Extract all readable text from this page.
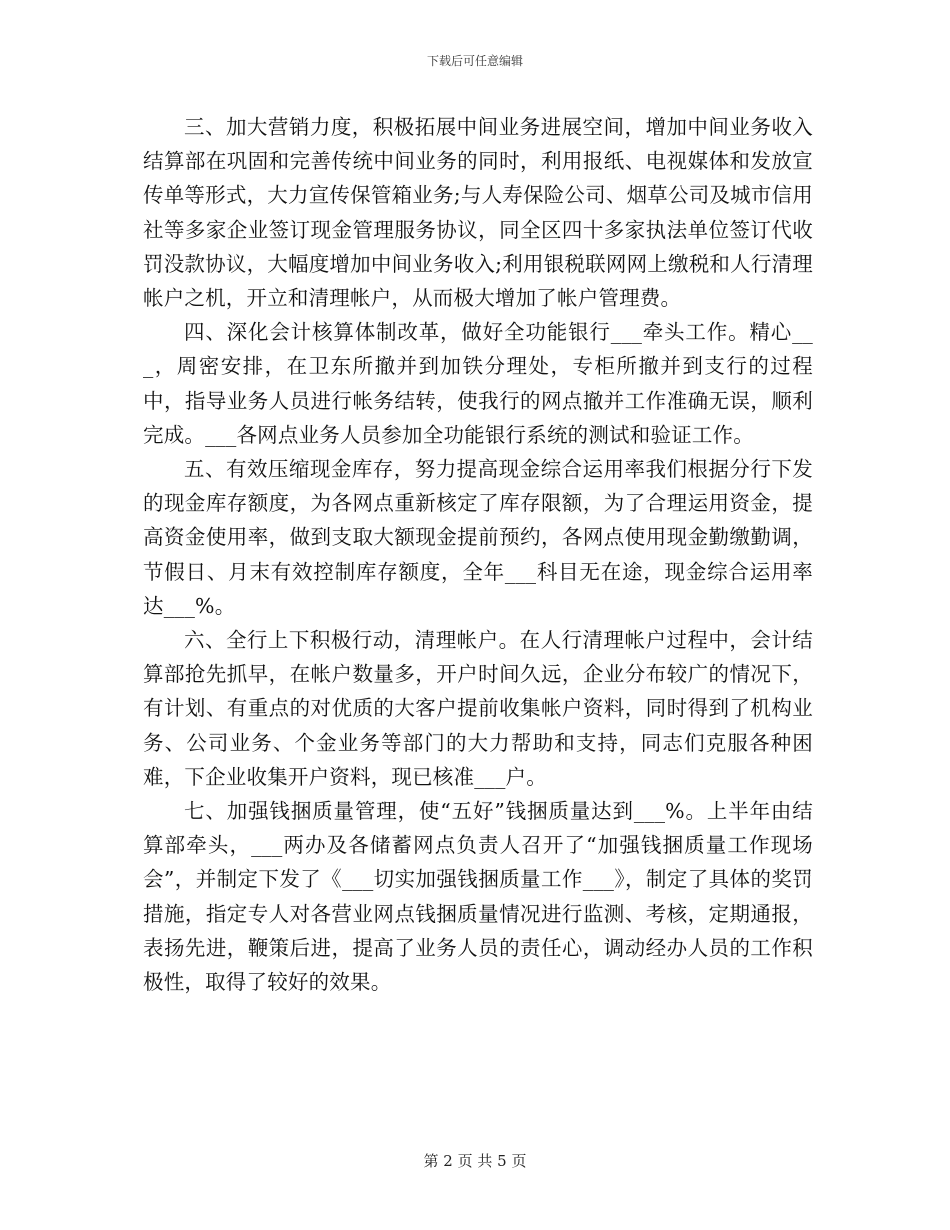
下载后可任意编辑

三、加大营销力度，积极拓展中间业务进展空间，增加中间业务收入结算部在巩固和完善传统中间业务的同时，利用报纸、电视媒体和发放宣传单等形式，大力宣传保管箱业务;与人寿保险公司、烟草公司及城市信用社等多家企业签订现金管理服务协议，同全区四十多家执法单位签订代收罚没款协议，大幅度增加中间业务收入;利用银税联网网上缴税和人行清理帐户之机，开立和清理帐户，从而极大增加了帐户管理费。

四、深化会计核算体制改革，做好全功能银行___牵头工作。精心___，周密安排，在卫东所撤并到加铁分理处，专柜所撤并到支行的过程中，指导业务人员进行帐务结转，使我行的网点撤并工作准确无误，顺利完成。___各网点业务人员参加全功能银行系统的测试和验证工作。

五、有效压缩现金库存，努力提高现金综合运用率我们根据分行下发的现金库存额度，为各网点重新核定了库存限额，为了合理运用资金，提高资金使用率，做到支取大额现金提前预约，各网点使用现金勤缴勤调，节假日、月末有效控制库存额度，全年___科目无在途，现金综合运用率达___%。

六、全行上下积极行动，清理帐户。在人行清理帐户过程中，会计结算部抢先抓早，在帐户数量多，开户时间久远，企业分布较广的情况下，有计划、有重点的对优质的大客户提前收集帐户资料，同时得到了机构业务、公司业务、个金业务等部门的大力帮助和支持，同志们克服各种困难，下企业收集开户资料，现已核准___户。

七、加强钱捆质量管理，使“五好”钱捆质量达到___%。上半年由结算部牵头，___两办及各储蓄网点负责人召开了“加强钱捆质量工作现场会”，并制定下发了《___切实加强钱捆质量工作___》，制定了具体的奖罚措施，指定专人对各营业网点钱捆质量情况进行监测、考核，定期通报，表扬先进，鞭策后进，提高了业务人员的责任心，调动经办人员的工作积极性，取得了较好的效果。

第 2 页 共 5 页
